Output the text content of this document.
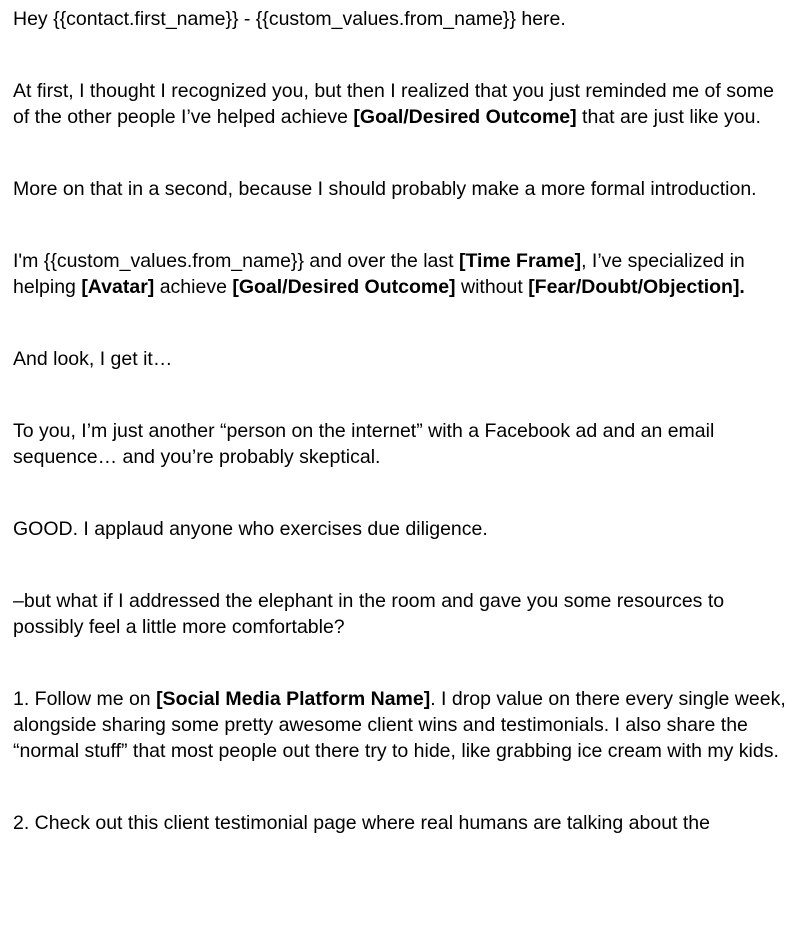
Hey {{contact.first_name}} - {{custom_values.from_name}} here.

At first, I thought I recognized you, but then I realized that you just reminded me of some of the other people I’ve helped achieve [Goal/Desired Outcome] that are just like you.

More on that in a second, because I should probably make a more formal introduction.

I'm {{custom_values.from_name}} and over the last [Time Frame], I’ve specialized in helping [Avatar] achieve [Goal/Desired Outcome] without [Fear/Doubt/Objection].

And look, I get it…

To you, I’m just another “person on the internet” with a Facebook ad and an email sequence… and you’re probably skeptical.

GOOD. I applaud anyone who exercises due diligence.

–but what if I addressed the elephant in the room and gave you some resources to possibly feel a little more comfortable?

1. Follow me on [Social Media Platform Name]. I drop value on there every single week, alongside sharing some pretty awesome client wins and testimonials. I also share the “normal stuff” that most people out there try to hide, like grabbing ice cream with my kids.

2. Check out this client testimonial page where real humans are talking about the
